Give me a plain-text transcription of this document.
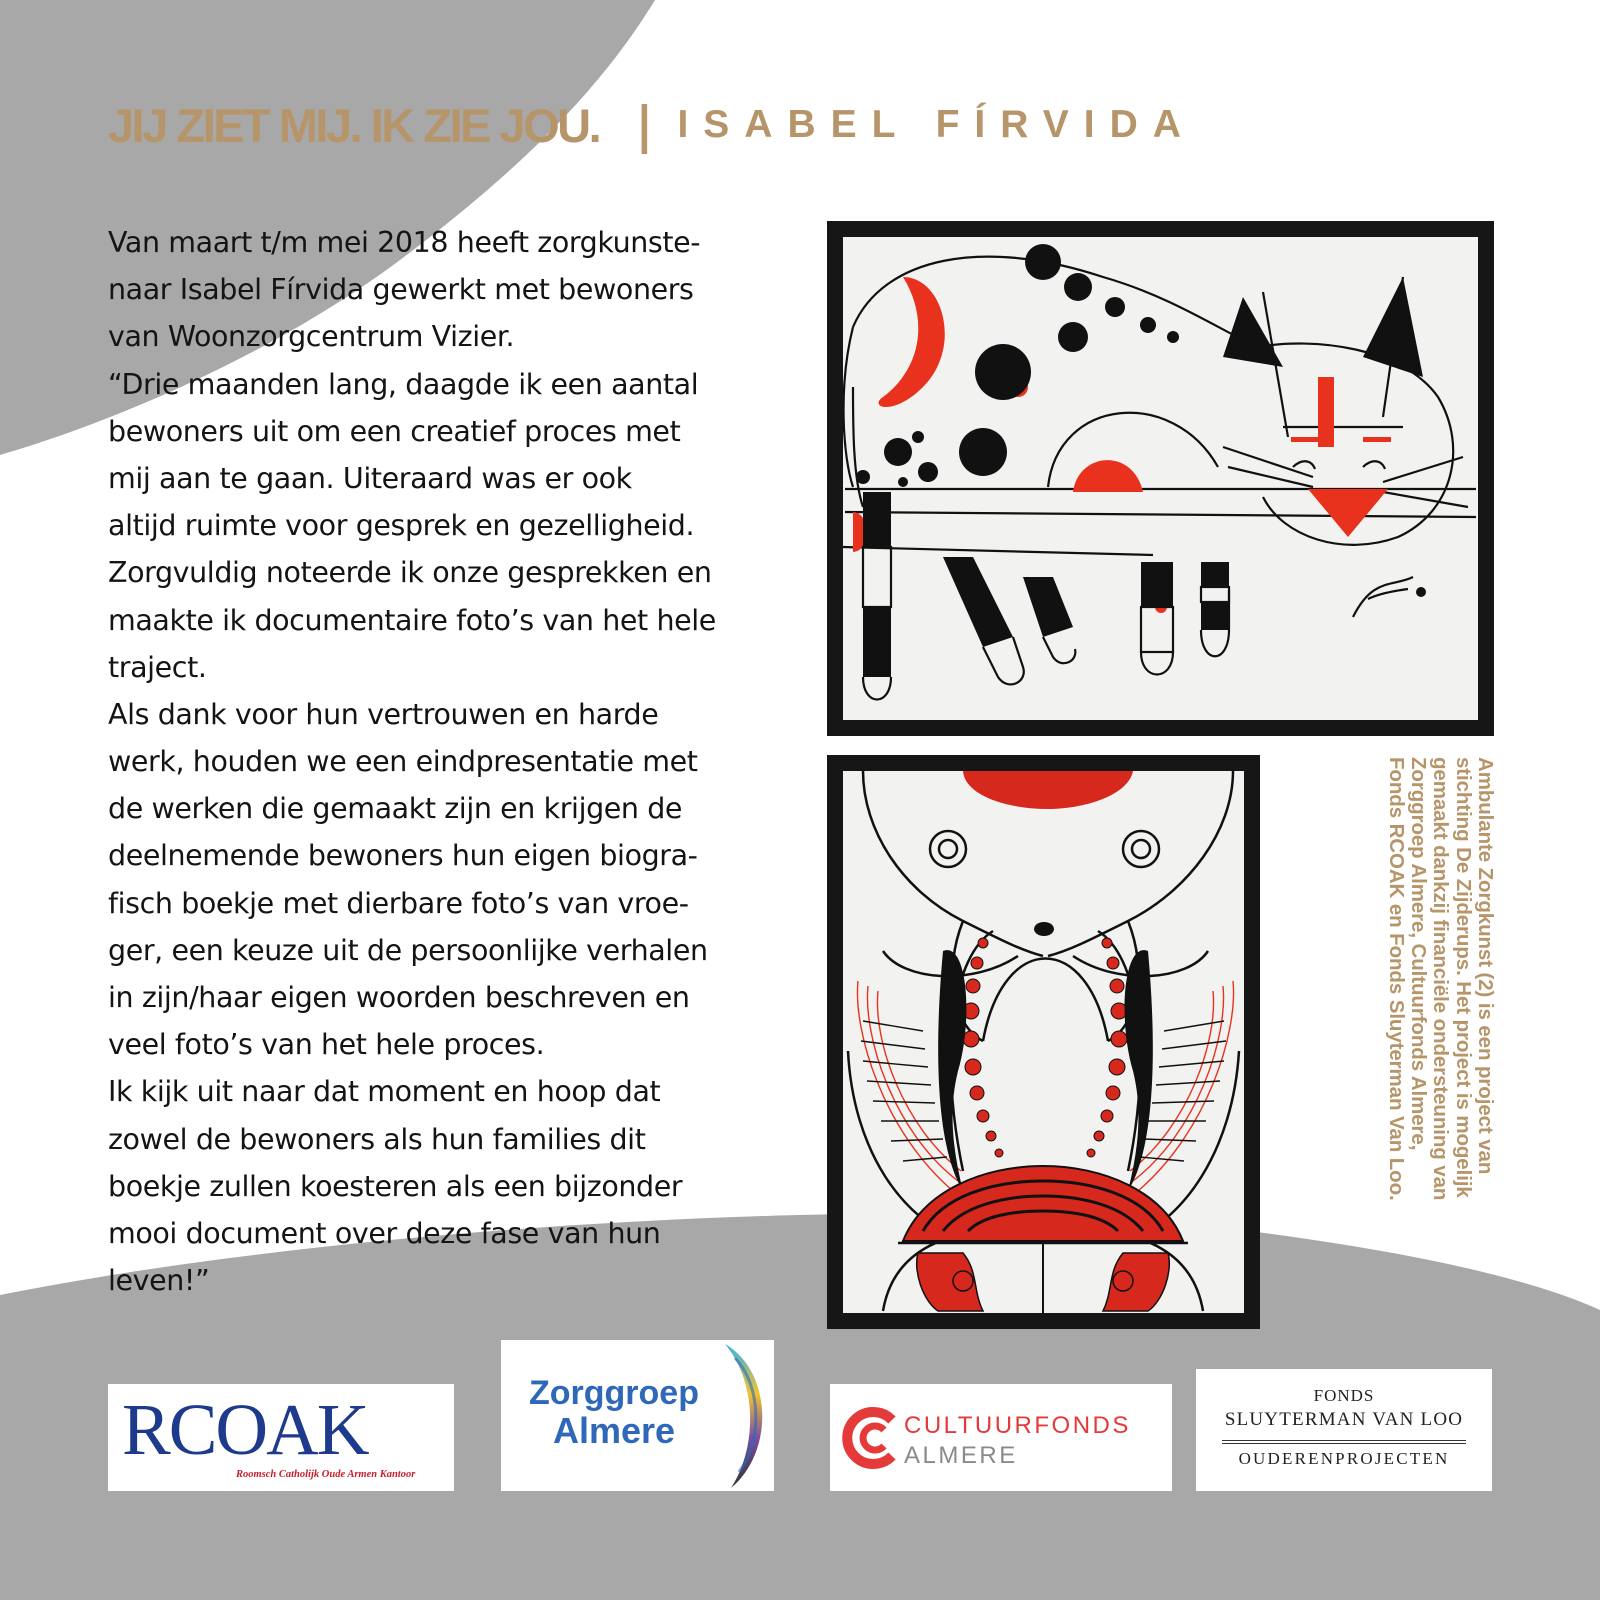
JIJ ZIET MIJ. IK ZIE JOU. | ISABEL FÍRVIDA

Van maart t/m mei 2018 heeft zorgkunste-
naar Isabel Fírvida gewerkt met bewoners
van Woonzorgcentrum Vizier.
“Drie maanden lang, daagde ik een aantal
bewoners uit om een creatief proces met
mij aan te gaan. Uiteraard was er ook
altijd ruimte voor gesprek en gezelligheid.
Zorgvuldig noteerde ik onze gesprekken en
maakte ik documentaire foto’s van het hele
traject.
Als dank voor hun vertrouwen en harde
werk, houden we een eindpresentatie met
de werken die gemaakt zijn en krijgen de
deelnemende bewoners hun eigen biogra-
fisch boekje met dierbare foto’s van vroe-
ger, een keuze uit de persoonlijke verhalen
in zijn/haar eigen woorden beschreven en
veel foto’s van het hele proces.
Ik kijk uit naar dat moment en hoop dat
zowel de bewoners als hun families dit
boekje zullen koesteren als een bijzonder
mooi document over deze fase van hun
leven!”

Ambulante Zorgkunst (2) is een project van
stichting De Zijderups. Het project is mogelijk
gemaakt dankzij financiële ondersteuning van
Zorggroep Almere, Cultuurfonds Almere,
Fonds RCOAK en Fonds Sluyterman Van Loo.
RCOAK
Roomsch Catholijk Oude Armen Kantoor
Zorggroep
Almere	CULTUURFONDS
ALMERE
FONDS
SLUYTERMAN VAN LOO
OUDERENPROJECTEN
